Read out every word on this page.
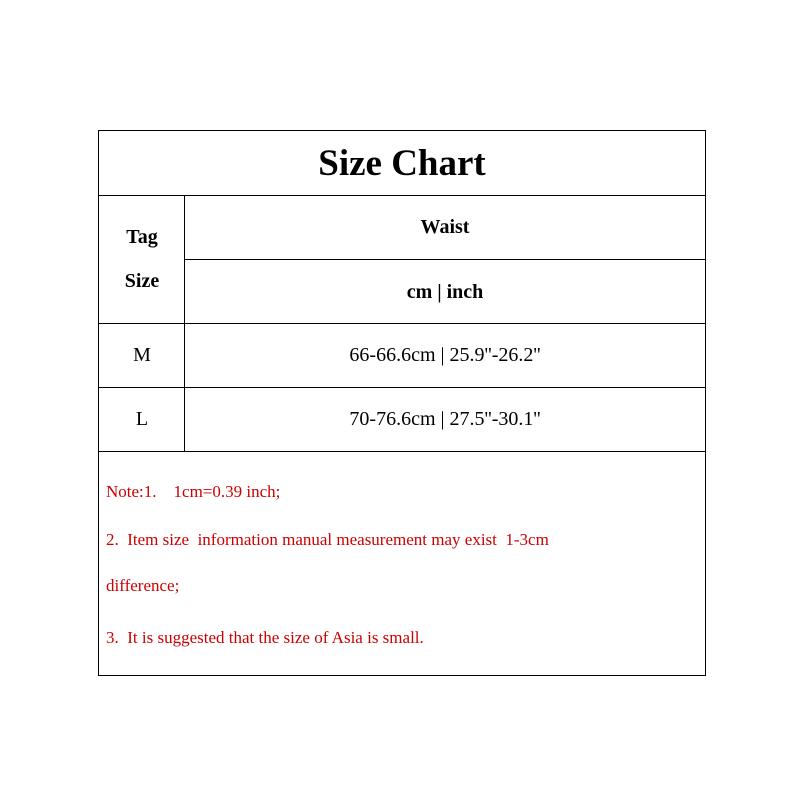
Size Chart
Tag
Size
Waist
cm | inch
M	66-66.6cm | 25.9''-26.2''
L	70-76.6cm | 27.5''-30.1''
Note:1.    1cm=0.39 inch;
2.  Item size  information manual measurement may exist  1-3cm
difference;
3.  It is suggested that the size of Asia is small.
